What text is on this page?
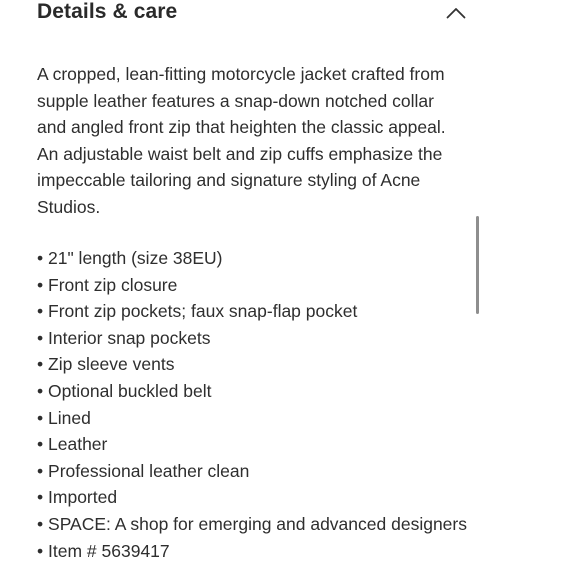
Details & care

A cropped, lean-fitting motorcycle jacket crafted from supple leather features a snap-down notched collar and angled front zip that heighten the classic appeal. An adjustable waist belt and zip cuffs emphasize the impeccable tailoring and signature styling of Acne Studios.

• 21" length (size 38EU)
• Front zip closure
• Front zip pockets; faux snap-flap pocket
• Interior snap pockets
• Zip sleeve vents
• Optional buckled belt
• Lined
• Leather
• Professional leather clean
• Imported
• SPACE: A shop for emerging and advanced designers
• Item # 5639417
